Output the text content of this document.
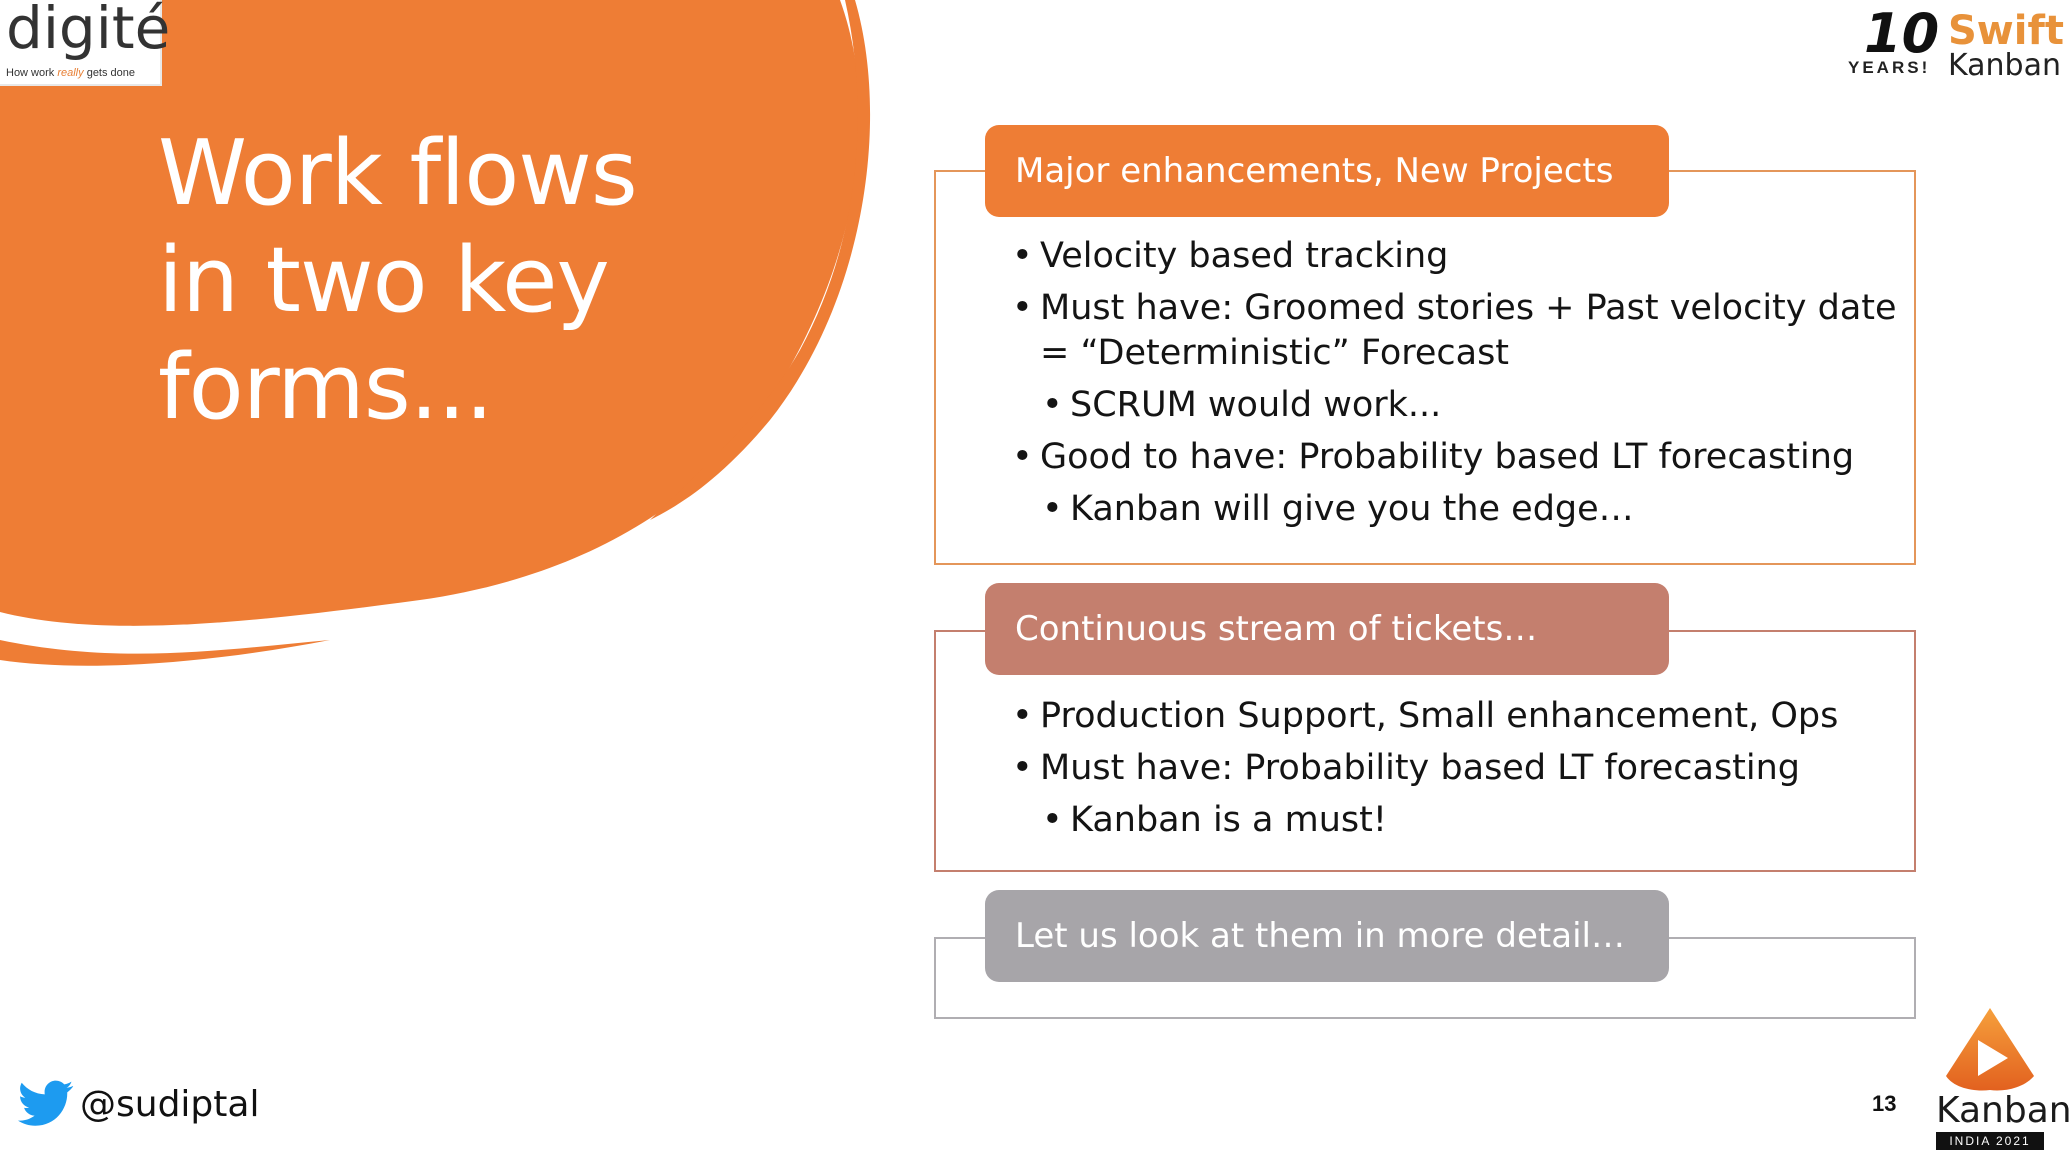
digité
How work really gets done
Work flows
in two key
forms...
10
YEARS!
Swift
Kanban
Major enhancements, New Projects
• Velocity based tracking
• Must have: Groomed stories + Past velocity date
= “Deterministic” Forecast
• SCRUM would work...
• Good to have: Probability based LT forecasting
• Kanban will give you the edge…
Continuous stream of tickets…
• Production Support, Small enhancement, Ops
• Must have: Probability based LT forecasting
• Kanban is a must!
Let us look at them in more detail…
@sudiptal	13 Kanban
INDIA 2021
